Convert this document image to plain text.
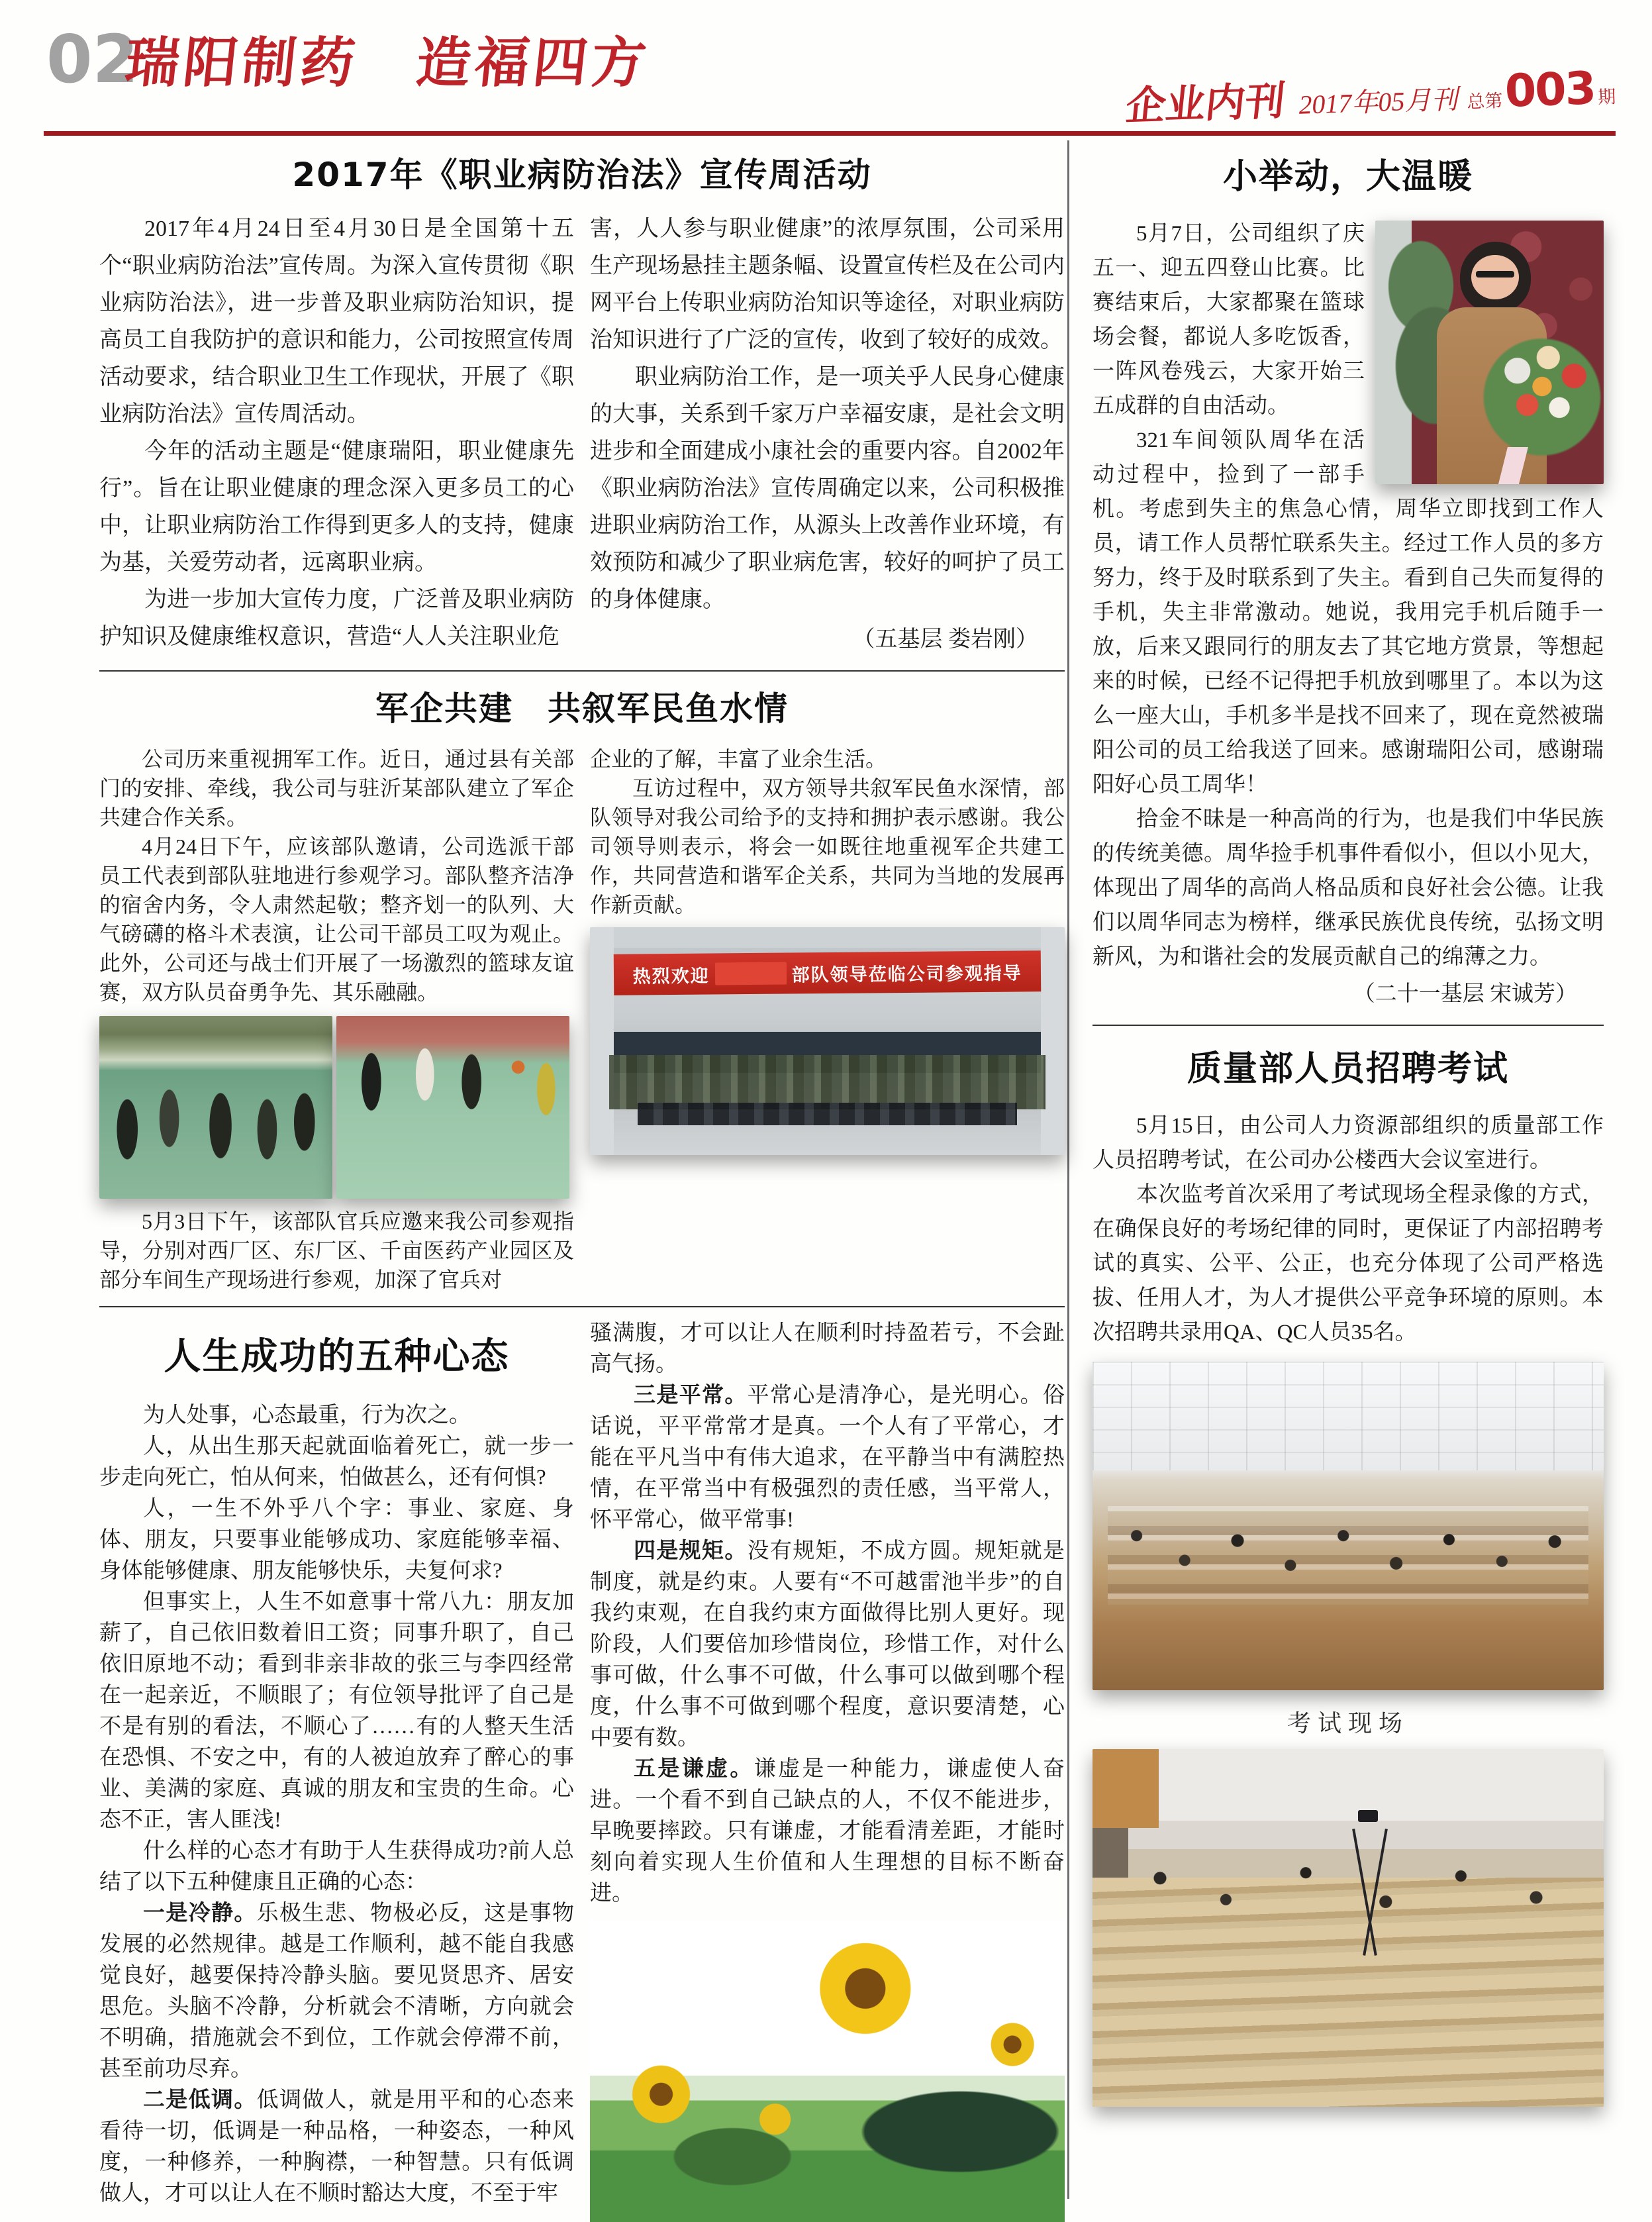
02
瑞阳制药　造福四方
企业内刊 2017年05月刊 总第 003 期
2017年《职业病防治法》宣传周活动

2017年4月24日至4月30日是全国第十五个“职业病防治法”宣传周。为深入宣传贯彻《职业病防治法》，进一步普及职业病防治知识，提高员工自我防护的意识和能力，公司按照宣传周活动要求，结合职业卫生工作现状，开展了《职业病防治法》宣传周活动。

今年的活动主题是“健康瑞阳，职业健康先行”。旨在让职业健康的理念深入更多员工的心中，让职业病防治工作得到更多人的支持，健康为基，关爱劳动者，远离职业病。

为进一步加大宣传力度，广泛普及职业病防护知识及健康维权意识，营造“人人关注职业危

害，人人参与职业健康”的浓厚氛围，公司采用生产现场悬挂主题条幅、设置宣传栏及在公司内网平台上传职业病防治知识等途径，对职业病防治知识进行了广泛的宣传，收到了较好的成效。

职业病防治工作，是一项关乎人民身心健康的大事，关系到千家万户幸福安康，是社会文明进步和全面建成小康社会的重要内容。自2002年《职业病防治法》宣传周确定以来，公司积极推进职业病防治工作，从源头上改善作业环境，有效预防和减少了职业病危害，较好的呵护了员工的身体健康。

（五基层 娄岩刚）

军企共建　共叙军民鱼水情

公司历来重视拥军工作。近日，通过县有关部门的安排、牵线，我公司与驻沂某部队建立了军企共建合作关系。

4月24日下午，应该部队邀请，公司选派干部员工代表到部队驻地进行参观学习。部队整齐洁净的宿舍内务，令人肃然起敬；整齐划一的队列、大气磅礴的格斗术表演，让公司干部员工叹为观止。此外，公司还与战士们开展了一场激烈的篮球友谊赛，双方队员奋勇争先、其乐融融。

5月3日下午，该部队官兵应邀来我公司参观指导，分别对西厂区、东厂区、千亩医药产业园区及部分车间生产现场进行参观，加深了官兵对

企业的了解，丰富了业余生活。

互访过程中，双方领导共叙军民鱼水深情，部队领导对我公司给予的支持和拥护表示感谢。我公司领导则表示，将会一如既往地重视军企共建工作，共同营造和谐军企关系，共同为当地的发展再作新贡献。

热烈欢迎	部队领导莅临公司参观指导
人生成功的五种心态

为人处事，心态最重，行为次之。

人，从出生那天起就面临着死亡，就一步一步走向死亡，怕从何来，怕做甚么，还有何惧?

人，一生不外乎八个字：事业、家庭、身体、朋友，只要事业能够成功、家庭能够幸福、身体能够健康、朋友能够快乐，夫复何求?

但事实上，人生不如意事十常八九：朋友加薪了，自己依旧数着旧工资；同事升职了，自己依旧原地不动；看到非亲非故的张三与李四经常在一起亲近，不顺眼了；有位领导批评了自己是不是有别的看法，不顺心了……有的人整天生活在恐惧、不安之中，有的人被迫放弃了醉心的事业、美满的家庭、真诚的朋友和宝贵的生命。心态不正，害人匪浅!

什么样的心态才有助于人生获得成功?前人总结了以下五种健康且正确的心态：

一是冷静。乐极生悲、物极必反，这是事物发展的必然规律。越是工作顺利，越不能自我感觉良好，越要保持冷静头脑。要见贤思齐、居安思危。头脑不冷静，分析就会不清晰，方向就会不明确，措施就会不到位，工作就会停滞不前，甚至前功尽弃。

二是低调。低调做人，就是用平和的心态来看待一切，低调是一种品格，一种姿态，一种风度，一种修养，一种胸襟，一种智慧。只有低调做人，才可以让人在不顺时豁达大度，不至于牢

骚满腹，才可以让人在顺利时持盈若亏，不会趾高气扬。

三是平常。平常心是清净心，是光明心。俗话说，平平常常才是真。一个人有了平常心，才能在平凡当中有伟大追求，在平静当中有满腔热情，在平常当中有极强烈的责任感，当平常人，怀平常心，做平常事!

四是规矩。没有规矩，不成方圆。规矩就是制度，就是约束。人要有“不可越雷池半步”的自我约束观，在自我约束方面做得比别人更好。现阶段，人们要倍加珍惜岗位，珍惜工作，对什么事可做，什么事不可做，什么事可以做到哪个程度，什么事不可做到哪个程度，意识要清楚，心中要有数。

五是谦虚。谦虚是一种能力，谦虚使人奋进。一个看不到自己缺点的人，不仅不能进步，早晚要摔跤。只有谦虚，才能看清差距，才能时刻向着实现人生价值和人生理想的目标不断奋进。

小举动，大温暖

5月7日，公司组织了庆五一、迎五四登山比赛。比赛结束后，大家都聚在篮球场会餐，都说人多吃饭香，一阵风卷残云，大家开始三五成群的自由活动。

321车间领队周华在活动过程中，捡到了一部手机。考虑到失主的焦急心情，周华立即找到工作人员，请工作人员帮忙联系失主。经过工作人员的多方努力，终于及时联系到了失主。看到自己失而复得的手机，失主非常激动。她说，我用完手机后随手一放，后来又跟同行的朋友去了其它地方赏景，等想起来的时候，已经不记得把手机放到哪里了。本以为这么一座大山，手机多半是找不回来了，现在竟然被瑞阳公司的员工给我送了回来。感谢瑞阳公司，感谢瑞阳好心员工周华！

拾金不昧是一种高尚的行为，也是我们中华民族的传统美德。周华捡手机事件看似小，但以小见大，体现出了周华的高尚人格品质和良好社会公德。让我们以周华同志为榜样，继承民族优良传统，弘扬文明新风，为和谐社会的发展贡献自己的绵薄之力。

（二十一基层 宋诚芳）

质量部人员招聘考试

5月15日，由公司人力资源部组织的质量部工作人员招聘考试，在公司办公楼西大会议室进行。

本次监考首次采用了考试现场全程录像的方式，在确保良好的考场纪律的同时，更保证了内部招聘考试的真实、公平、公正，也充分体现了公司严格选拔、任用人才，为人才提供公平竞争环境的原则。本次招聘共录用QA、QC人员35名。

考试现场
